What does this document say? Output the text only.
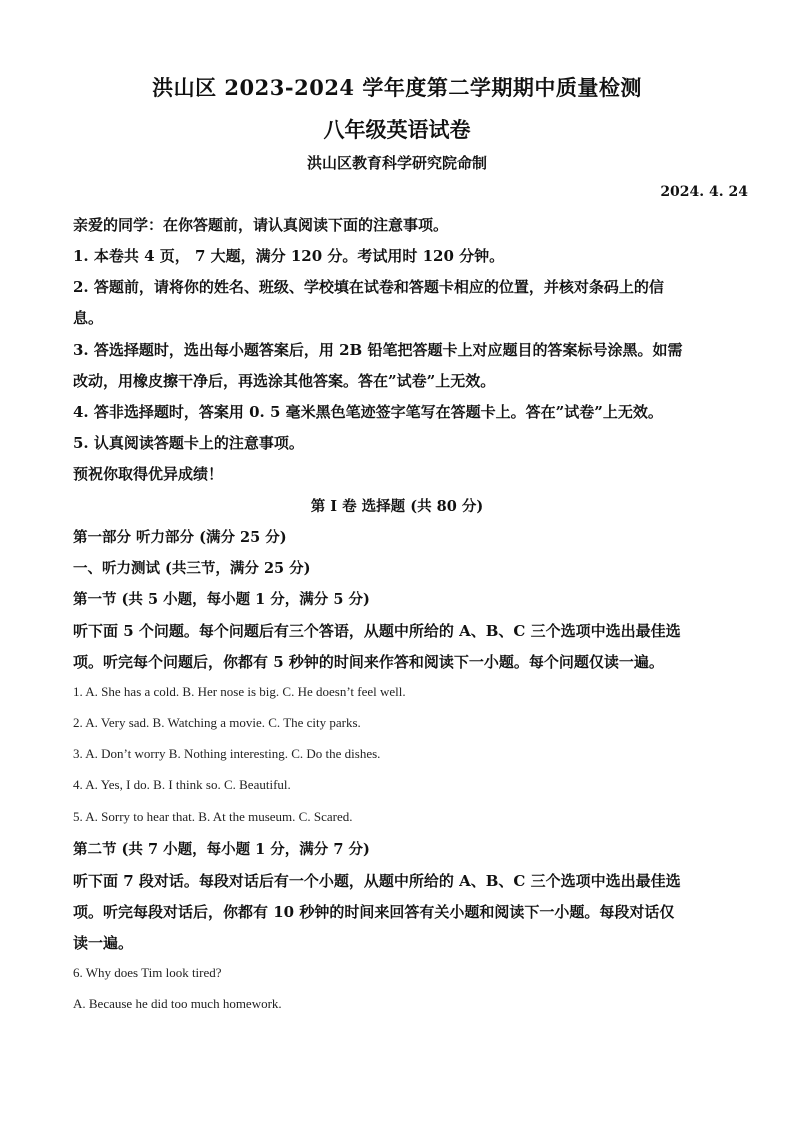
洪山区 2023-2024 学年度第二学期期中质量检测
八年级英语试卷
洪山区教育科学研究院命制
2024. 4. 24
亲爱的同学：在你答题前，请认真阅读下面的注意事项。
1. 本卷共 4 页， 7 大题，满分 120 分。考试用时 120 分钟。
2. 答题前，请将你的姓名、班级、学校填在试卷和答题卡相应的位置，并核对条码上的信
息。
3. 答选择题时，选出每小题答案后，用 2B 铅笔把答题卡上对应题目的答案标号涂黑。如需
改动，用橡皮擦干净后，再选涂其他答案。答在”试卷”上无效。
4. 答非选择题时，答案用 0. 5 毫米黑色笔迹签字笔写在答题卡上。答在”试卷”上无效。
5. 认真阅读答题卡上的注意事项。
预祝你取得优异成绩！
第 I 卷 选择题 (共 80 分)
第一部分 听力部分 (满分 25 分)
一、听力测试 (共三节，满分 25 分)
第一节 (共 5 小题，每小题 1 分，满分 5 分)
听下面 5 个问题。每个问题后有三个答语，从题中所给的 A、B、C 三个选项中选出最佳选
项。听完每个问题后，你都有 5 秒钟的时间来作答和阅读下一小题。每个问题仅读一遍。
1. A. She has a cold. B. Her nose is big. C. He doesn’t feel well.
2. A. Very sad. B. Watching a movie. C. The city parks.
3. A. Don’t worry B. Nothing interesting. C. Do the dishes.
4. A. Yes, I do. B. I think so. C. Beautiful.
5. A. Sorry to hear that. B. At the museum. C. Scared.
第二节 (共 7 小题，每小题 1 分，满分 7 分)
听下面 7 段对话。每段对话后有一个小题，从题中所给的 A、B、C 三个选项中选出最佳选
项。听完每段对话后，你都有 10 秒钟的时间来回答有关小题和阅读下一小题。每段对话仅
读一遍。
6. Why does Tim look tired?
A. Because he did too much homework.
